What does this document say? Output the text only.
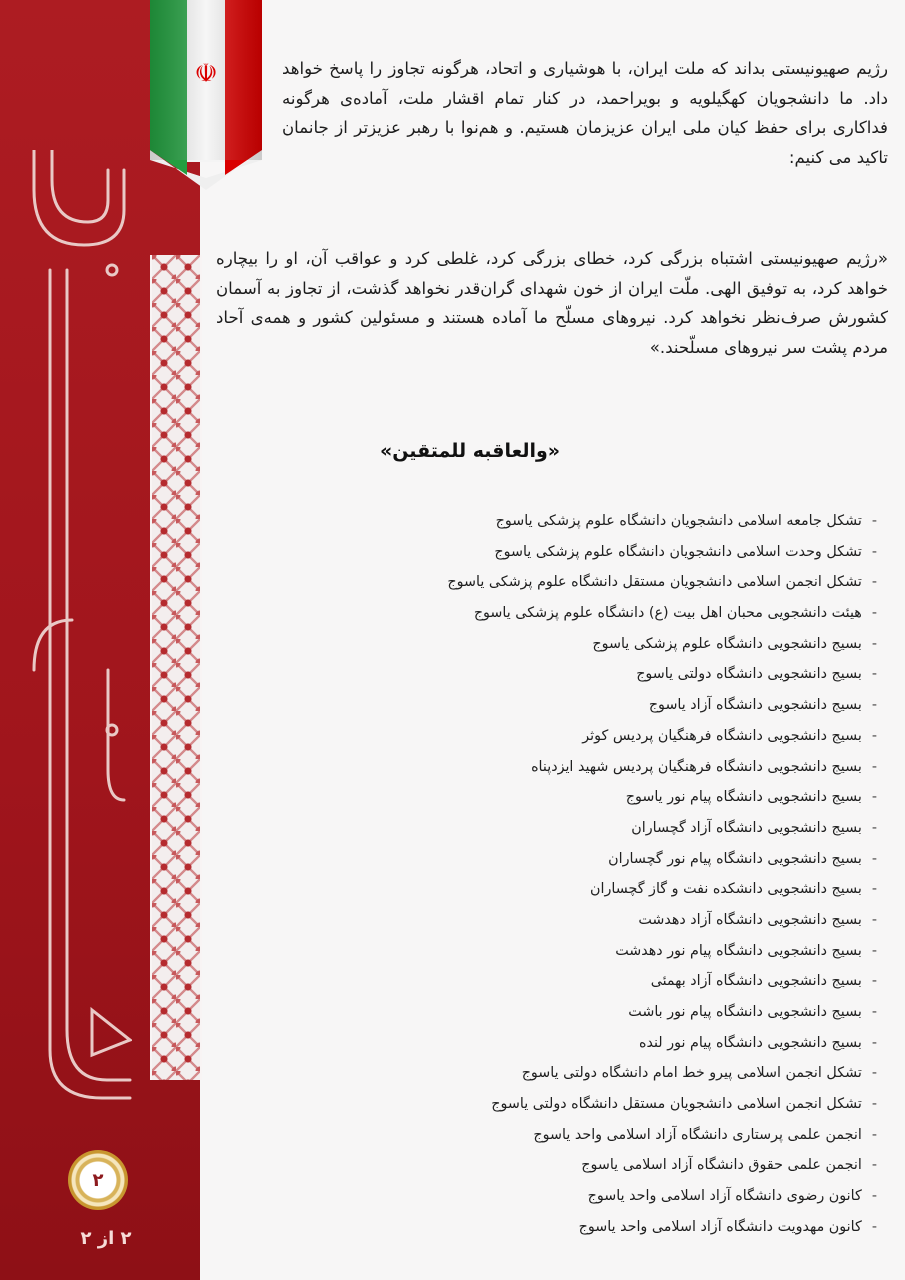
☫	رژیم صهیونیستی بداند که ملت ایران، با هوشیاری و اتحاد، هرگونه تجاوز را پاسخ خواهد داد. ما دانشجویان کهگیلویه و بویراحمد، در کنار تمام اقشار ملت، آماده‌ی هرگونه فداکاری برای حفظ کیان ملی ایران عزیزمان هستیم. و هم‌نوا با رهبر عزیزتر از جانمان تاکید می کنیم:

«رژیم صهیونیستی اشتباه بزرگی کرد، خطای بزرگی کرد، غلطی کرد و عواقب آن، او را بیچاره خواهد کرد، به توفیق الهی. ملّت ایران از خون شهدای گران‌قدر نخواهد گذشت، از تجاوز به آسمان کشورش صرف‌نظر نخواهد کرد. نیروهای مسلّح ما آماده هستند و مسئولین کشور و همه‌ی آحاد مردم پشت سر نیروهای مسلّحند.»

«والعاقبه للمتقین»
- تشکل جامعه اسلامی دانشجویان دانشگاه علوم پزشکی یاسوج
- تشکل وحدت اسلامی دانشجویان دانشگاه علوم پزشکی یاسوج
- تشکل انجمن اسلامی دانشجویان مستقل دانشگاه علوم پزشکی یاسوج
- هیئت دانشجویی محبان اهل بیت (ع) دانشگاه علوم پزشکی یاسوج
- بسیج دانشجویی دانشگاه علوم پزشکی یاسوج
- بسیج دانشجویی دانشگاه دولتی یاسوج
- بسیج دانشجویی دانشگاه آزاد یاسوج
- بسیج دانشجویی دانشگاه فرهنگیان پردیس کوثر
- بسیج دانشجویی دانشگاه فرهنگیان پردیس شهید ایزدپناه
- بسیج دانشجویی دانشگاه پیام نور یاسوج
- بسیج دانشجویی دانشگاه آزاد گچساران
- بسیج دانشجویی دانشگاه پیام نور گچساران
- بسیج دانشجویی دانشکده نفت و گاز گچساران
- بسیج دانشجویی دانشگاه آزاد دهدشت
- بسیج دانشجویی دانشگاه پیام نور دهدشت
- بسیج دانشجویی دانشگاه آزاد بهمئی
- بسیج دانشجویی دانشگاه پیام نور باشت
- بسیج دانشجویی دانشگاه پیام نور لنده
- تشکل انجمن اسلامی پیرو خط امام دانشگاه دولتی یاسوج
- تشکل انجمن اسلامی دانشجویان مستقل دانشگاه دولتی یاسوج
- انجمن علمی پرستاری دانشگاه آزاد اسلامی واحد یاسوج
- انجمن علمی حقوق دانشگاه آزاد اسلامی یاسوج
- کانون رضوی دانشگاه آزاد اسلامی واحد یاسوج
- کانون مهدویت دانشگاه آزاد اسلامی واحد یاسوج
۲
۲ از ۲
